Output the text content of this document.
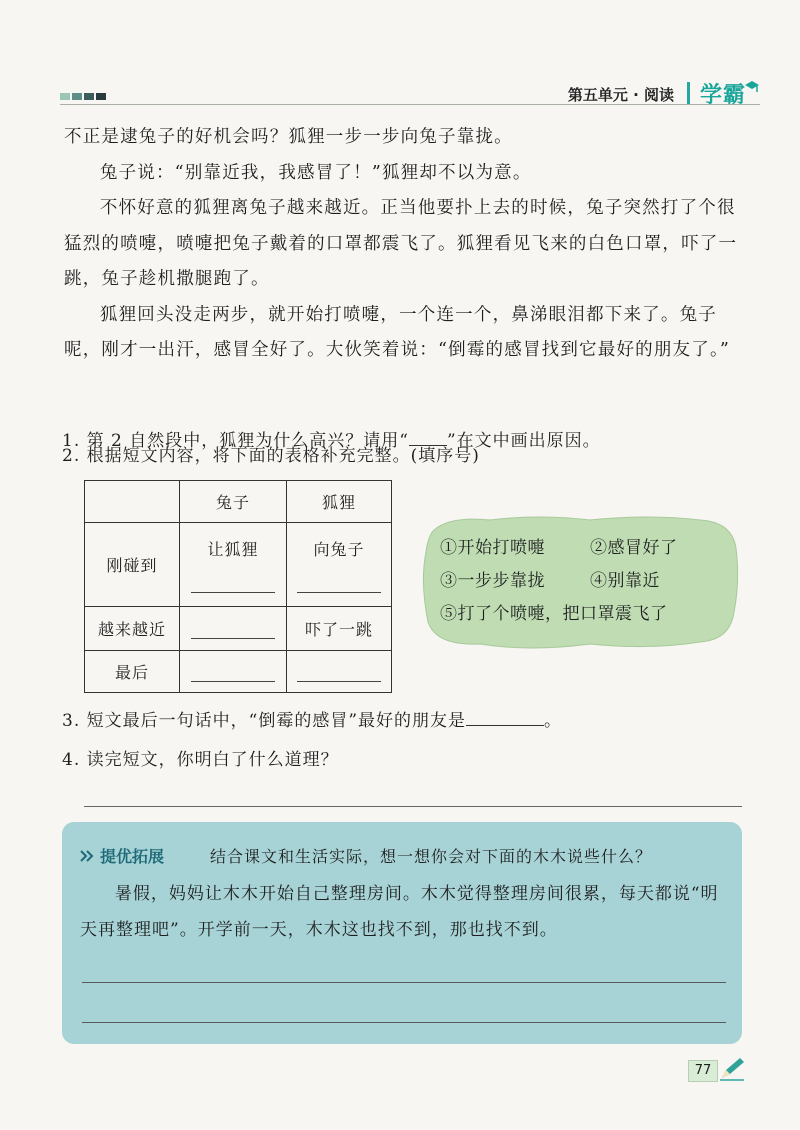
第五单元 · 阅读 学霸

不正是逮兔子的好机会吗？狐狸一步一步向兔子靠拢。

兔子说：“别靠近我，我感冒了！”狐狸却不以为意。

不怀好意的狐狸离兔子越来越近。正当他要扑上去的时候，兔子突然打了个很猛烈的喷嚏，喷嚏把兔子戴着的口罩都震飞了。狐狸看见飞来的白色口罩，吓了一跳，兔子趁机撒腿跑了。

狐狸回头没走两步，就开始打喷嚏，一个连一个，鼻涕眼泪都下来了。兔子呢，刚才一出汗，感冒全好了。大伙笑着说：“倒霉的感冒找到它最好的朋友了。”

1. 第 2 自然段中，狐狸为什么高兴？请用“ ”在文中画出原因。
2. 根据短文内容，将下面的表格补充完整。(填序号)
	兔子	狐狸
刚碰到	让狐狸	向兔子

越来越近		吓了一跳
最后	

①开始打喷嚏	②感冒好了
③一步步靠拢	④别靠近
⑤打了个喷嚏，把口罩震飞了
3. 短文最后一句话中，“倒霉的感冒”最好的朋友是	。
4. 读完短文，你明白了什么道理？
提优拓展	结合课文和生活实际，想一想你会对下面的木木说些什么？

暑假，妈妈让木木开始自己整理房间。木木觉得整理房间很累，每天都说“明天再整理吧”。开学前一天，木木这也找不到，那也找不到。

77
